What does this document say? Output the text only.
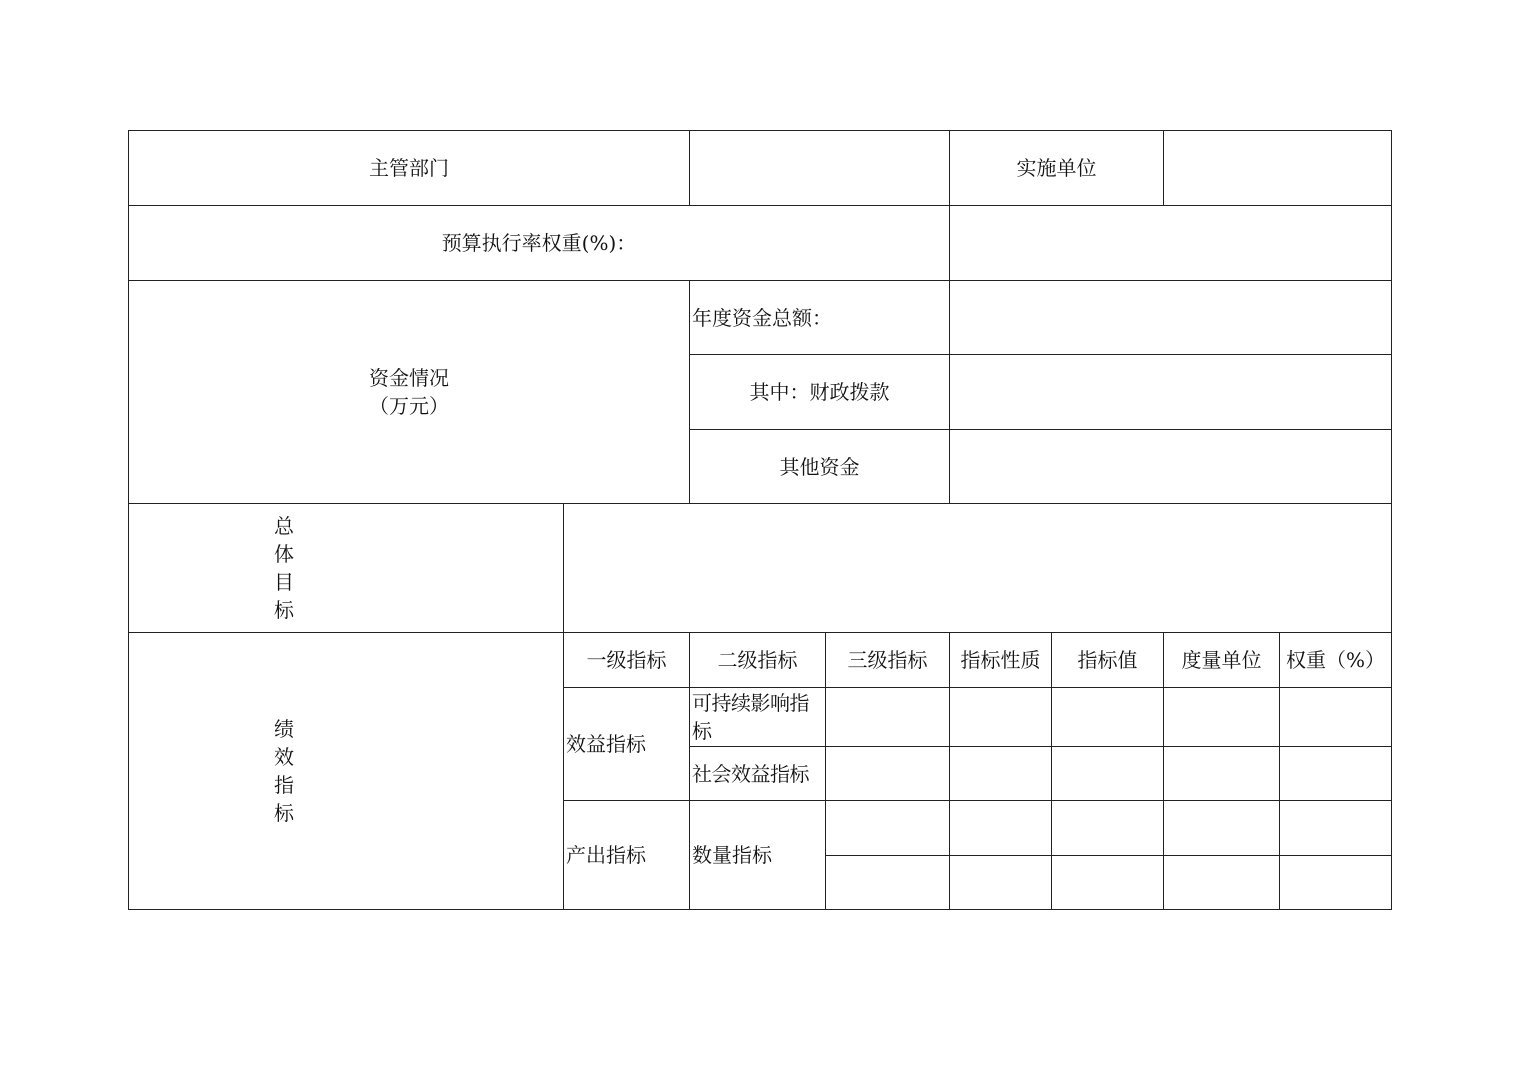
主管部门				实施单位			
预算执行率权重(%)：							

资金情况
（万元）		年度资金总额：					
		其中：财政拨款					
		其他资金					

总
体
目
标							

绩
效
指
标	一级指标	二级指标	三级指标	指标性质	指标值	度量单位	权重（%）
	效益指标	可持续影响指标					
		社会效益指标					
	产出指标	数量指标					
